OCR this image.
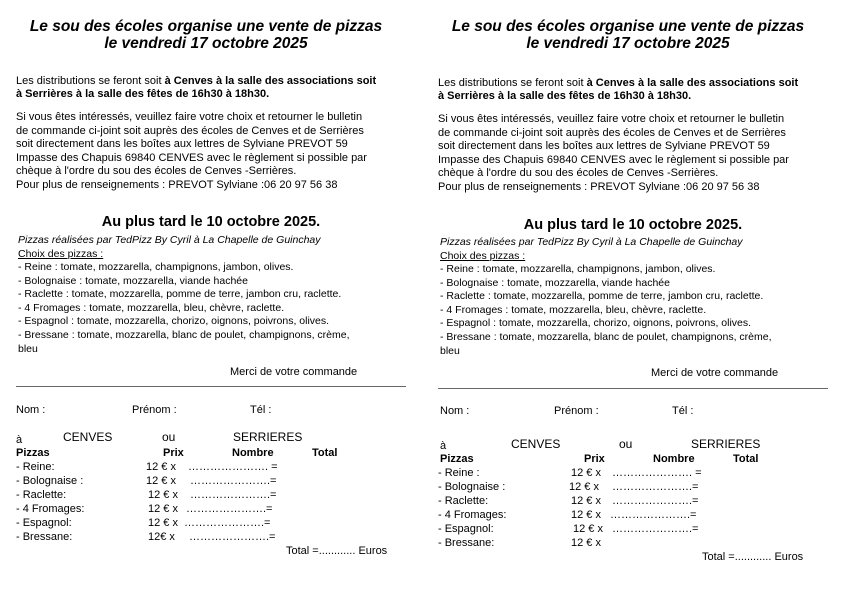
Le sou des écoles organise une vente de pizzas
le vendredi 17 octobre 2025
Les distributions se feront soit à Cenves à la salle des associations soit
à Serrières à la salle des fêtes de 16h30 à 18h30.
Si vous êtes intéressés, veuillez faire votre choix et retourner le bulletin
de commande ci-joint soit auprès des écoles de Cenves et de Serrières
soit directement dans les boîtes aux lettres de Sylviane PREVOT 59
Impasse des Chapuis 69840 CENVES avec le règlement si possible par
chèque à l'ordre du sou des écoles de Cenves -Serrières.
Pour plus de renseignements : PREVOT Sylviane :06 20 97 56 38
Au plus tard le 10 octobre 2025.
Pizzas réalisées par TedPizz By Cyril à La Chapelle de Guinchay
Choix des pizzas :
- Reine : tomate, mozzarella, champignons, jambon, olives.
- Bolognaise : tomate, mozzarella, viande hachée
- Raclette : tomate, mozzarella, pomme de terre, jambon cru, raclette.
- 4 Fromages : tomate, mozzarella, bleu, chèvre, raclette.
- Espagnol : tomate, mozzarella, chorizo, oignons, poivrons, olives.
- Bressane : tomate, mozzarella, blanc de poulet, champignons, crème,
bleu
Merci de votre commande
Nom :	Prénom :	Tél :
à	CENVES	ou	SERRIERES
Pizzas	Prix	Nombre	Total
- Reine:	12 € x …………………. =
- Bolognaise :	12 € x ………………….=
- Raclette:	12 € x ………………….=
- 4 Fromages:	12 € x ………………….=
- Espagnol:	12 € x ………………….=
- Bressane:	12€ x ………………….=
Total =............ Euros
Le sou des écoles organise une vente de pizzas
le vendredi 17 octobre 2025
Les distributions se feront soit à Cenves à la salle des associations soit
à Serrières à la salle des fêtes de 16h30 à 18h30.
Si vous êtes intéressés, veuillez faire votre choix et retourner le bulletin
de commande ci-joint soit auprès des écoles de Cenves et de Serrières
soit directement dans les boîtes aux lettres de Sylviane PREVOT 59
Impasse des Chapuis 69840 CENVES avec le règlement si possible par
chèque à l'ordre du sou des écoles de Cenves -Serrières.
Pour plus de renseignements : PREVOT Sylviane :06 20 97 56 38
Au plus tard le 10 octobre 2025.
Pizzas réalisées par TedPizz By Cyril à La Chapelle de Guinchay
Choix des pizzas :
- Reine : tomate, mozzarella, champignons, jambon, olives.
- Bolognaise : tomate, mozzarella, viande hachée
- Raclette : tomate, mozzarella, pomme de terre, jambon cru, raclette.
- 4 Fromages : tomate, mozzarella, bleu, chèvre, raclette.
- Espagnol : tomate, mozzarella, chorizo, oignons, poivrons, olives.
- Bressane : tomate, mozzarella, blanc de poulet, champignons, crème,
bleu
Merci de votre commande
Nom :	Prénom :	Tél :
à	CENVES	ou	SERRIERES
Pizzas	Prix	Nombre	Total
- Reine :	12 € x …………………. =
- Bolognaise :	12 € x ………………….=
- Raclette:	12 € x ………………….=
- 4 Fromages:	12 € x ………………….=
- Espagnol:	12 € x ………………….=
- Bressane:	12 € x
Total =............ Euros
